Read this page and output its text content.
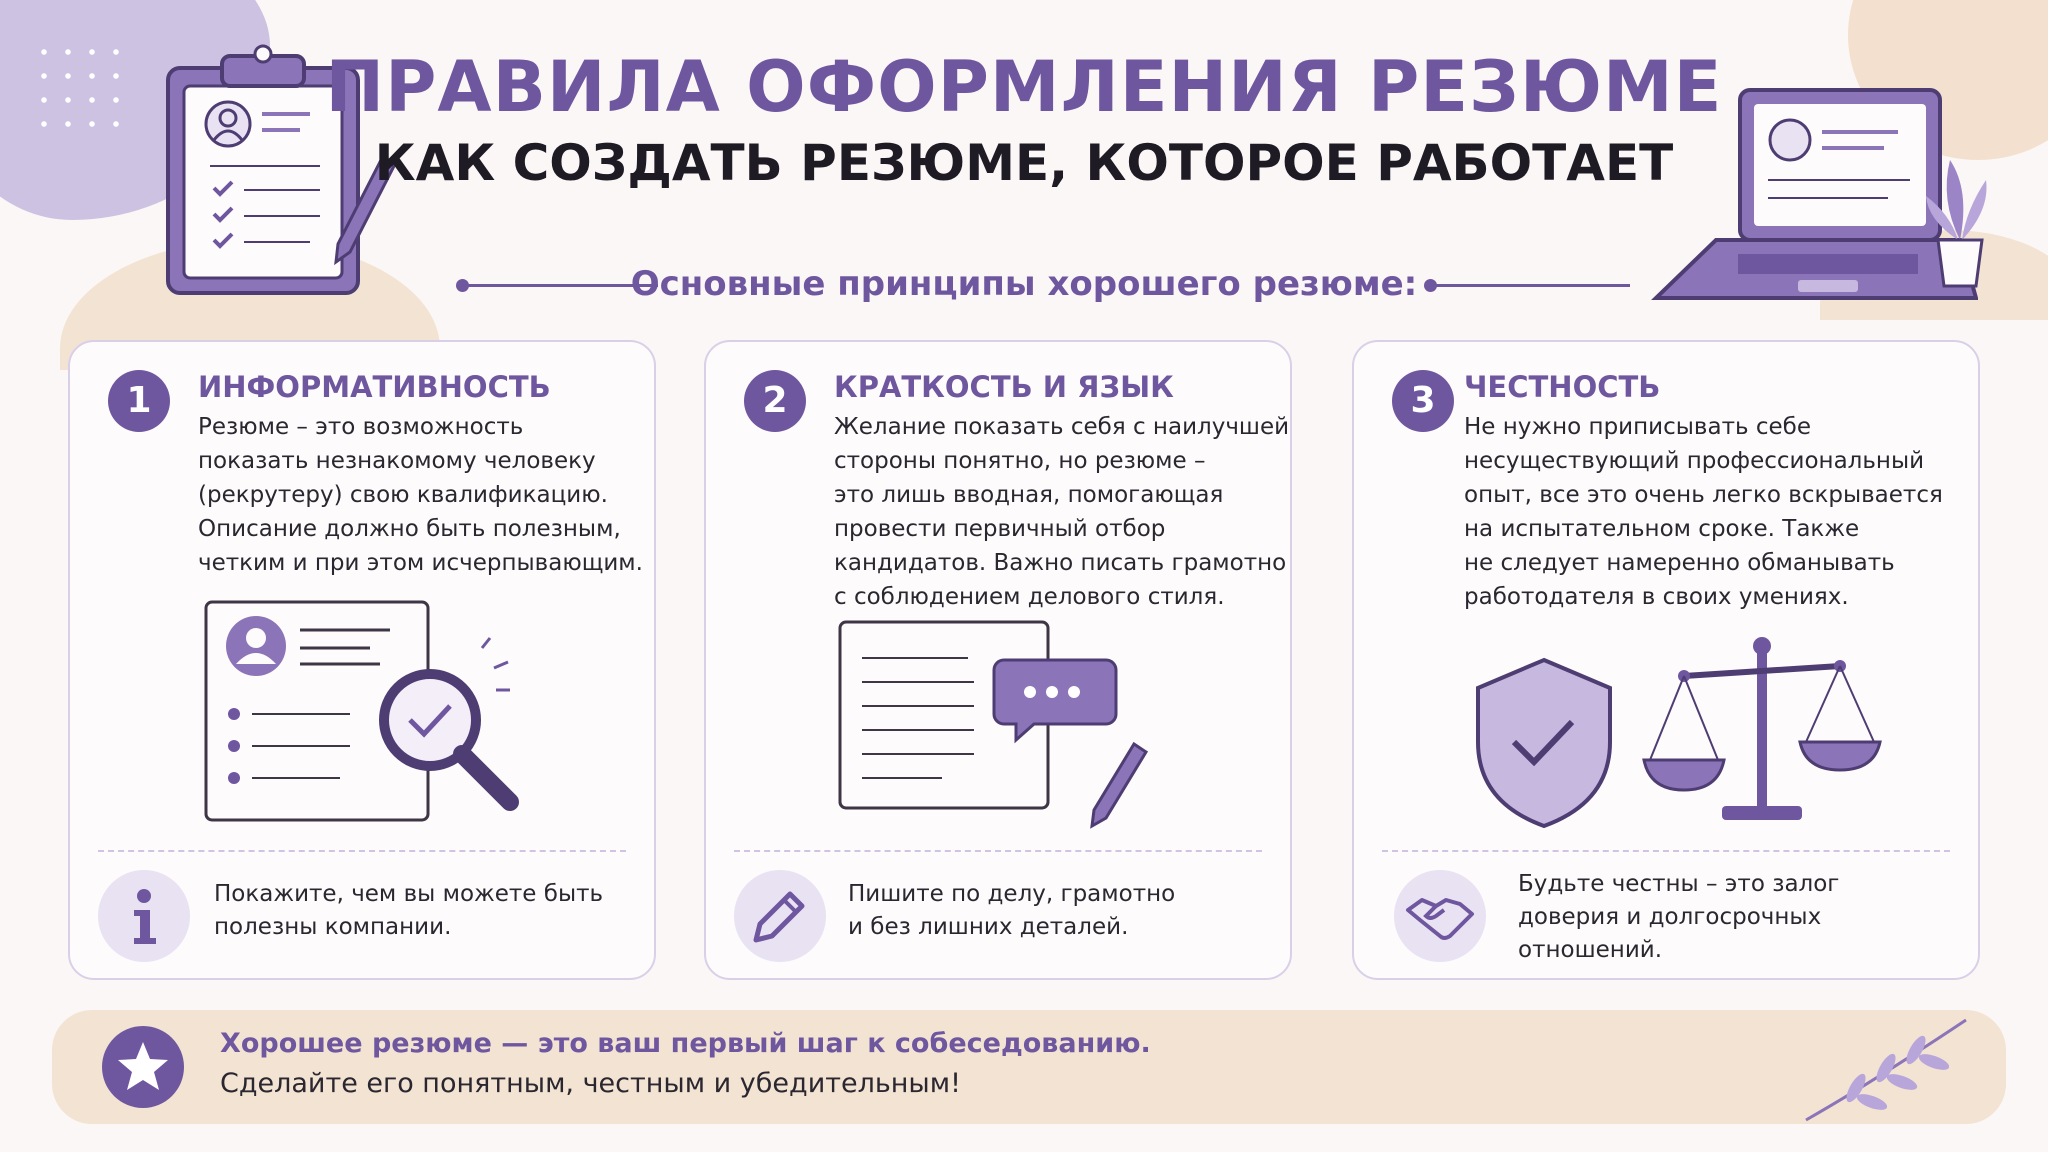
ПРАВИЛА ОФОРМЛЕНИЯ РЕЗЮМЕ
КАК СОЗДАТЬ РЕЗЮМЕ, КОТОРОЕ РАБОТАЕТ
Основные принципы хорошего резюме:
1	ИНФОРМАТИВНОСТЬ
Резюме – это возможность
показать незнакомому человеку
(рекрутеру) свою квалификацию.
Описание должно быть полезным,
четким и при этом исчерпывающим.
Покажите, чем вы можете быть
полезны компании.
2	КРАТКОСТЬ И ЯЗЫК
Желание показать себя с наилучшей
стороны понятно, но резюме –
это лишь вводная, помогающая
провести первичный отбор
кандидатов. Важно писать грамотно
с соблюдением делового стиля.
Пишите по делу, грамотно
и без лишних деталей.
3 ЧЕСТНОСТЬ
Не нужно приписывать себе
несуществующий профессиональный
опыт, все это очень легко вскрывается
на испытательном сроке. Также
не следует намеренно обманывать
работодателя в своих умениях.
Будьте честны – это залог
доверия и долгосрочных
отношений.
Хорошее резюме — это ваш первый шаг к собеседованию.
Сделайте его понятным, честным и убедительным!
